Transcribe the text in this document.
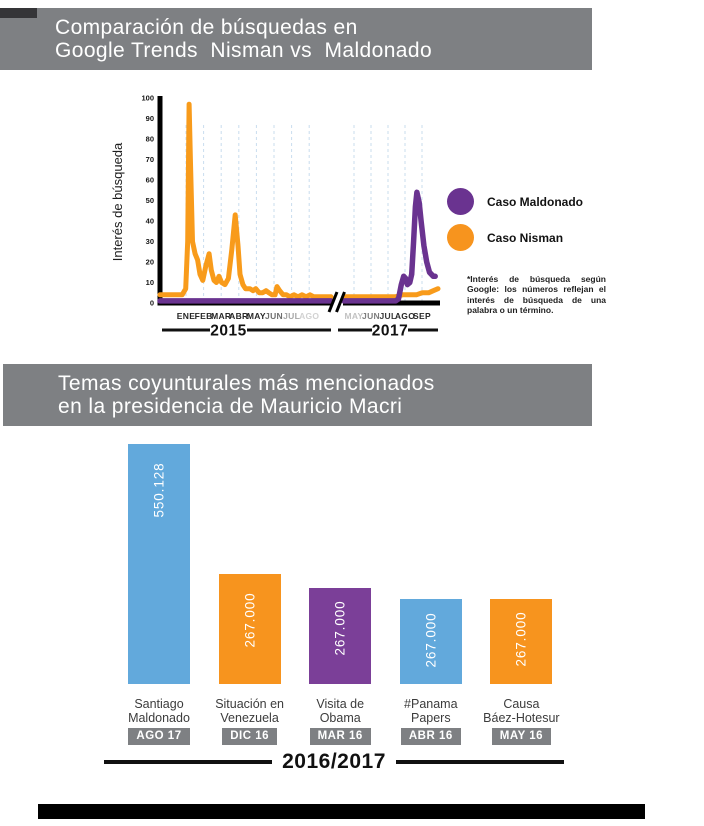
Comparación de búsquedas en
Google Trends  Nisman vs  Maldonado
0
10
20
30
40
50
60
70
80
90
100
ENE FEB
MAR
ABR
MAY JUN JUL
AGO	MAY
JUN JUL
AGO
SEP
2015	2017
Interés de búsqueda	Caso Maldonado
Caso Nisman

*Interés de búsqueda según Google: los números reflejan el interés de búsqueda de una palabra o un término.

Temas coyunturales más mencionados
en la presidencia de Mauricio Macri
550.128
267.000	267.000	267.000	267.000
Santiago
Maldonado
AGO 17
Situación en
Venezuela
DIC 16
Visita de
Obama
MAR 16
#Panama
Papers
ABR 16
Causa
Báez-Hotesur
MAY 16
2016/2017
